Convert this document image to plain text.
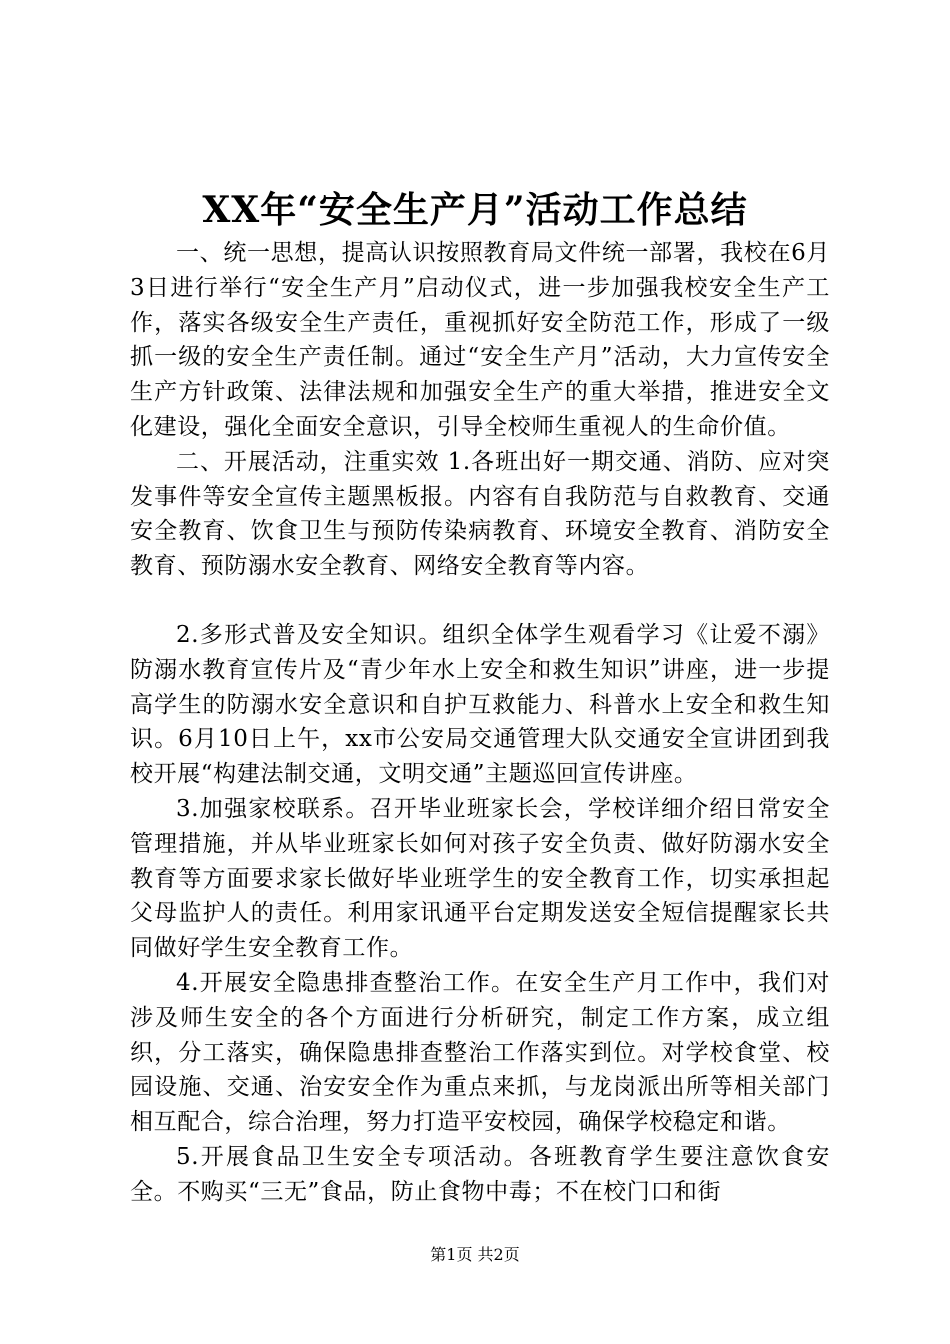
XX年“安全生产月”活动工作总结

一、统一思想，提高认识按照教育局文件统一部署，我校在6月3日进行举行“安全生产月”启动仪式，进一步加强我校安全生产工作，落实各级安全生产责任，重视抓好安全防范工作，形成了一级抓一级的安全生产责任制。通过“安全生产月”活动，大力宣传安全生产方针政策、法律法规和加强安全生产的重大举措，推进安全文化建设，强化全面安全意识，引导全校师生重视人的生命价值。

二、开展活动，注重实效 1.各班出好一期交通、消防、应对突发事件等安全宣传主题黑板报。内容有自我防范与自救教育、交通安全教育、饮食卫生与预防传染病教育、环境安全教育、消防安全教育、预防溺水安全教育、网络安全教育等内容。

2.多形式普及安全知识。组织全体学生观看学习《让爱不溺》防溺水教育宣传片及“青少年水上安全和救生知识”讲座，进一步提高学生的防溺水安全意识和自护互救能力、科普水上安全和救生知识。6月10日上午，xx市公安局交通管理大队交通安全宣讲团到我校开展“构建法制交通，文明交通”主题巡回宣传讲座。

3.加强家校联系。召开毕业班家长会，学校详细介绍日常安全管理措施，并从毕业班家长如何对孩子安全负责、做好防溺水安全教育等方面要求家长做好毕业班学生的安全教育工作，切实承担起父母监护人的责任。利用家讯通平台定期发送安全短信提醒家长共同做好学生安全教育工作。

4.开展安全隐患排查整治工作。在安全生产月工作中，我们对涉及师生安全的各个方面进行分析研究，制定工作方案，成立组织，分工落实，确保隐患排查整治工作落实到位。对学校食堂、校园设施、交通、治安安全作为重点来抓，与龙岗派出所等相关部门相互配合，综合治理，努力打造平安校园，确保学校稳定和谐。

5.开展食品卫生安全专项活动。各班教育学生要注意饮食安全。不购买“三无”食品，防止食物中毒；不在校门口和街

第1页 共2页
